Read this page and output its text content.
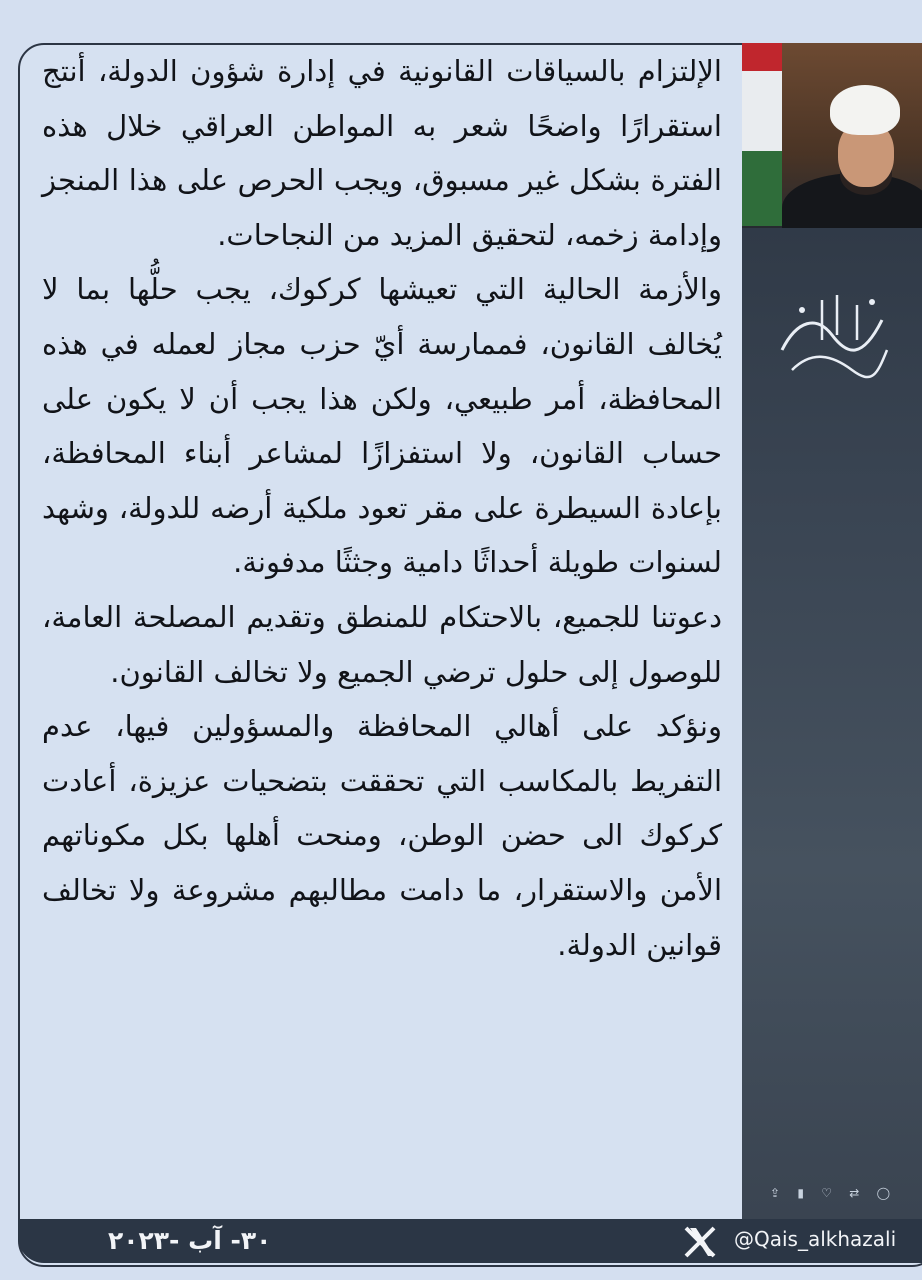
الإلتزام بالسياقات القانونية في إدارة شؤون الدولة، أنتج استقرارًا واضحًا شعر به المواطن العراقي خلال هذه الفترة بشكل غير مسبوق، ويجب الحرص على هذا المنجز وإدامة زخمه، لتحقيق المزيد من النجاحات.

والأزمة الحالية التي تعيشها كركوك، يجب حلُّها بما لا يُخالف القانون، فممارسة أيّ حزب مجاز لعمله في هذه المحافظة، أمر طبيعي، ولكن هذا يجب أن لا يكون على حساب القانون، ولا استفزازًا لمشاعر أبناء المحافظة، بإعادة السيطرة على مقر تعود ملكية أرضه للدولة، وشهد لسنوات طويلة أحداثًا دامية وجثثًا مدفونة.

دعوتنا للجميع، بالاحتكام للمنطق وتقديم المصلحة العامة، للوصول إلى حلول ترضي الجميع ولا تخالف القانون.

ونؤكد على أهالي المحافظة والمسؤولين فيها، عدم التفريط بالمكاسب التي تحققت بتضحيات عزيزة، أعادت كركوك الى حضن الوطن، ومنحت أهلها بكل مكوناتهم الأمن والاستقرار، ما دامت مطالبهم مشروعة ولا تخالف قوانين الدولة.

⇪ ▮ ♡ ⇄ ◯
٣٠- آب -٢٠٢٣	@Qais_alkhazali
